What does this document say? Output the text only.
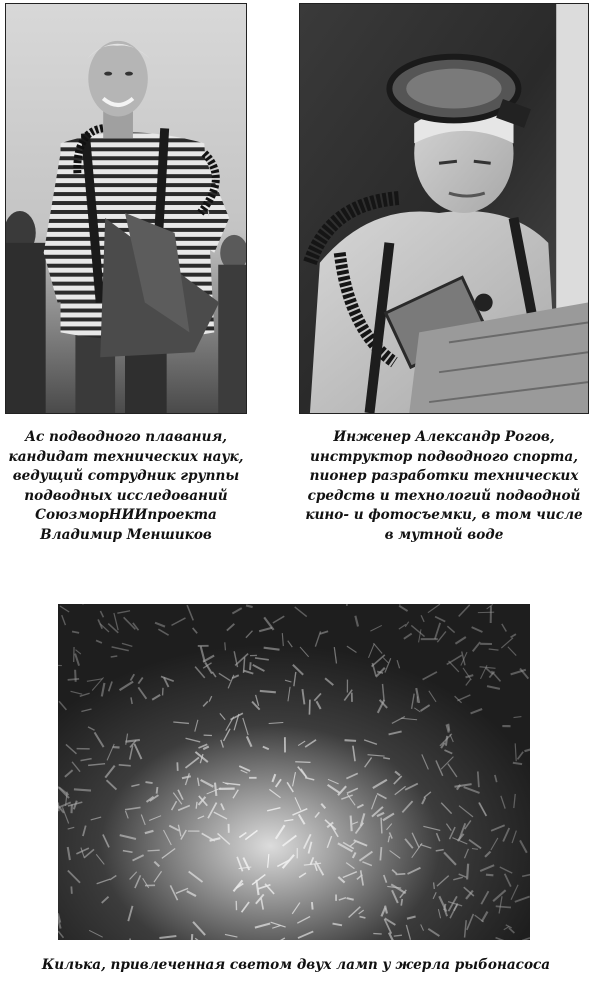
Ас подводного плавания,
кандидат технических наук,
ведущий сотрудник группы
подводных исследований
СоюзморНИИпроекта
Владимир Меншиков

Инженер Александр Рогов,
инструктор подводного спорта,
пионер разработки технических
средств и технологий подводной
кино- и фотосъемки, в том числе
в мутной воде

Килька, привлеченная светом двух ламп у жерла рыбонасоса
